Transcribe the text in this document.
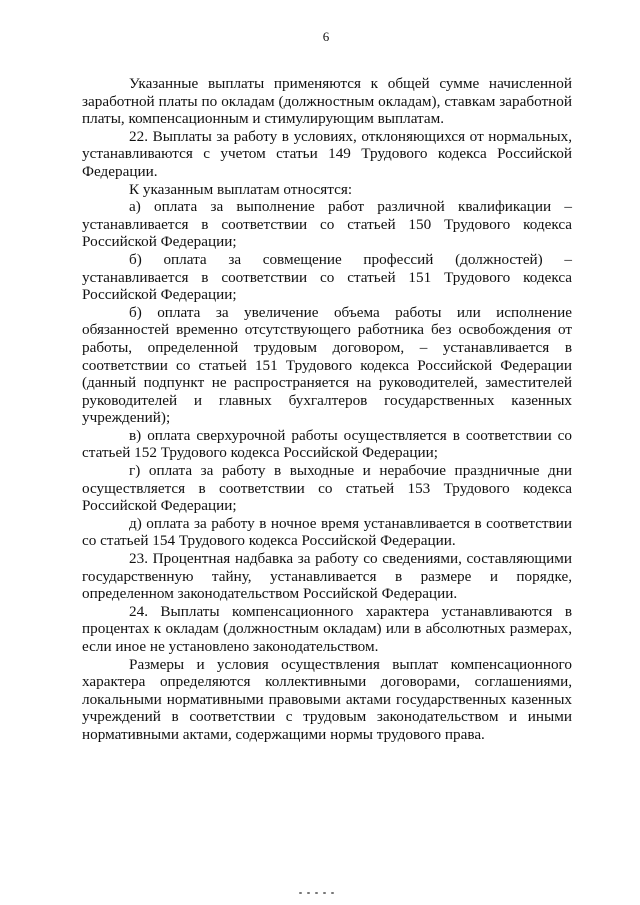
6

Указанные выплаты применяются к общей сумме начисленной заработной платы по окладам (должностным окладам), ставкам заработной платы, компенсационным и стимулирующим выплатам.

22. Выплаты за работу в условиях, отклоняющихся от нормальных, устанавливаются с учетом статьи 149 Трудового кодекса Российской Федерации.

К указанным выплатам относятся:

а) оплата за выполнение работ различной квалификации – устанавливается в соответствии со статьей 150 Трудового кодекса Российской Федерации;

б) оплата за совмещение профессий (должностей) – устанавливается в соответствии со статьей 151 Трудового кодекса Российской Федерации;

б) оплата за увеличение объема работы или исполнение обязанностей временно отсутствующего работника без освобождения от работы, определенной трудовым договором, – устанавливается в соответствии со статьей 151 Трудового кодекса Российской Федерации (данный подпункт не распространяется на руководителей, заместителей руководителей и главных бухгалтеров государственных казенных учреждений);

в) оплата сверхурочной работы осуществляется в соответствии со статьей 152 Трудового кодекса Российской Федерации;

г) оплата за работу в выходные и нерабочие праздничные дни осуществляется в соответствии со статьей 153 Трудового кодекса Российской Федерации;

д) оплата за работу в ночное время устанавливается в соответствии со статьей 154 Трудового кодекса Российской Федерации.

23. Процентная надбавка за работу со сведениями, составляющими государственную тайну, устанавливается в размере и порядке, определенном законодательством Российской Федерации.

24. Выплаты компенсационного характера устанавливаются в процентах к окладам (должностным окладам) или в абсолютных размерах, если иное не установлено законодательством.

Размеры и условия осуществления выплат компенсационного характера определяются коллективными договорами, соглашениями, локальными нормативными правовыми актами государственных казенных учреждений в соответствии с трудовым законодательством и иными нормативными актами, содержащими нормы трудового права.
